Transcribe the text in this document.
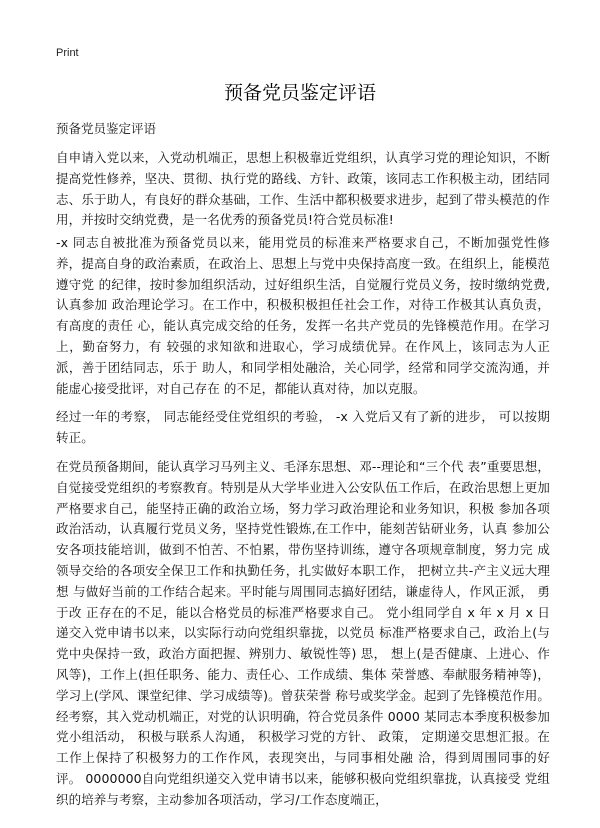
Print
预备党员鉴定评语

预备党员鉴定评语

自申请入党以来，入党动机端正，思想上积极靠近党组织，认真学习党的理论知识，不断提高党性修养，坚决、贯彻、执行党的路线、方针、政策，该同志工作积极主动，团结同志、乐于助人，有良好的群众基础，工作、生活中都积极要求进步，起到了带头模范的作用，并按时交纳党费，是一名优秀的预备党员!符合党员标准!

-x 同志自被批准为预备党员以来，能用党员的标准来严格要求自己，不断加强党性修养，提高自身的政治素质，在政治上、思想上与党中央保持高度一致。在组织上，能模范遵守党 的纪律，按时参加组织活动，过好组织生活，自觉履行党员义务，按时缴纳党费,认真参加 政治理论学习。在工作中，积极积极担任社会工作，对待工作极其认真负责，有高度的责任 心，能认真完成交给的任务，发挥一名共产党员的先锋模范作用。在学习上，勤奋努力，有 较强的求知欲和进取心，学习成绩优异。在作风上，该同志为人正派，善于团结同志，乐于 助人，和同学相处融洽，关心同学，经常和同学交流沟通，并能虚心接受批评，对自己存在 的不足，都能认真对待，加以克服。

经过一年的考察， 同志能经受住党组织的考验， -x 入党后又有了新的进步， 可以按期转正。

在党员预备期间，能认真学习马列主义、毛泽东思想、邓--理论和“三个代 表”重要思想，自觉接受党组织的考察教育。特别是从大学毕业进入公安队伍工作后，在政治思想上更加严格要求自己，能坚持正确的政治立场，努力学习政治理论和业务知识，积极 参加各项政治活动，认真履行党员义务，坚持党性锻炼,在工作中，能刻苦钻研业务，认真 参加公安各项技能培训，做到不怕苦、不怕累，带伤坚持训练，遵守各项规章制度，努力完 成领导交给的各项安全保卫工作和执勤任务，扎实做好本职工作， 把树立共-产主义远大理想 与做好当前的工作结合起来。平时能与周围同志搞好团结，谦虚待人，作风正派， 勇于改 正存在的不足，能以合格党员的标准严格要求自己。 党小组同学自 x 年 x 月 x 日递交入党申请书以来，以实际行动向党组织靠拢，以党员 标准严格要求自己，政治上(与党中央保持一致，政治方面把握、辨别力、敏锐性等) 思， 想上(是否健康、上进心、作风等)，工作上(担任职务、能力、责任心、工作成绩、集体 荣誉感、奉献服务精神等)，学习上(学风、课堂纪律、学习成绩等)。曾获荣誉 称号或奖学金。起到了先锋模范作用。经考察，其入党动机端正，对党的认识明确，符合党员条件 0000 某同志本季度积极参加党小组活动， 积极与联系人沟通， 积极学习党的方针、 政策， 定期递交思想汇报。在工作上保持了积极努力的工作作风，表现突出，与同事相处融 洽，得到周围同事的好评。 0000000自向党组织递交入党申请书以来，能够积极向党组织靠拢，认真接受 党组织的培养与考察，主动参加各项活动，学习/工作态度端正，
